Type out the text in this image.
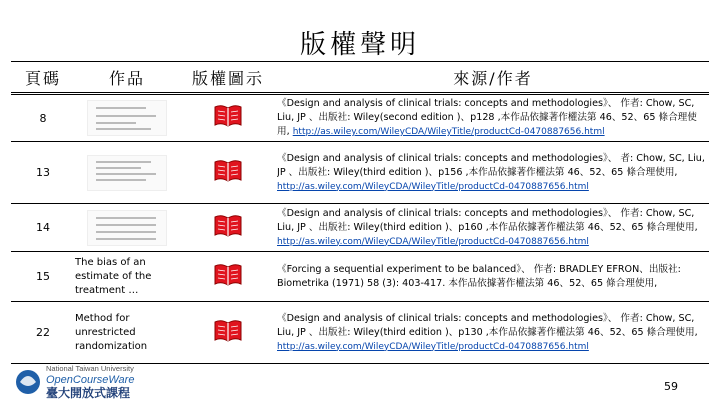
版權聲明
頁碼	作品	版權圖示	來源/作者
8			《Design and analysis of clinical trials: concepts and methodologies》、 作者: Chow, SC, Liu, JP 、出版社: Wiley(second edition )、p128 ,本作品依據著作權法第 46、52、65 條合理使用, http://as.wiley.com/WileyCDA/WileyTitle/productCd-0470887656.html
13			《Design and analysis of clinical trials: concepts and methodologies》、 者: Chow, SC, Liu, JP 、出版社: Wiley(third edition )、p156 ,本作品依據著作權法第 46、52、65 條合理使用, http://as.wiley.com/WileyCDA/WileyTitle/productCd-0470887656.html
14			《Design and analysis of clinical trials: concepts and methodologies》、 作者: Chow, SC, Liu, JP 、出版社: Wiley(third edition )、p160 ,本作品依據著作權法第 46、52、65 條合理使用, http://as.wiley.com/WileyCDA/WileyTitle/productCd-0470887656.html
15	The bias of an estimate of the treatment …		《Forcing a sequential experiment to be balanced》、 作者: BRADLEY EFRON、出版社: Biometrika (1971) 58 (3): 403-417. 本作品依據著作權法第 46、52、65 條合理使用,
22	Method for unrestricted randomization		《Design and analysis of clinical trials: concepts and methodologies》、 作者: Chow, SC, Liu, JP 、出版社: Wiley(third edition )、p130 ,本作品依據著作權法第 46、52、65 條合理使用, http://as.wiley.com/WileyCDA/WileyTitle/productCd-0470887656.html
National Taiwan University
OpenCourseWare
臺大開放式課程	59
